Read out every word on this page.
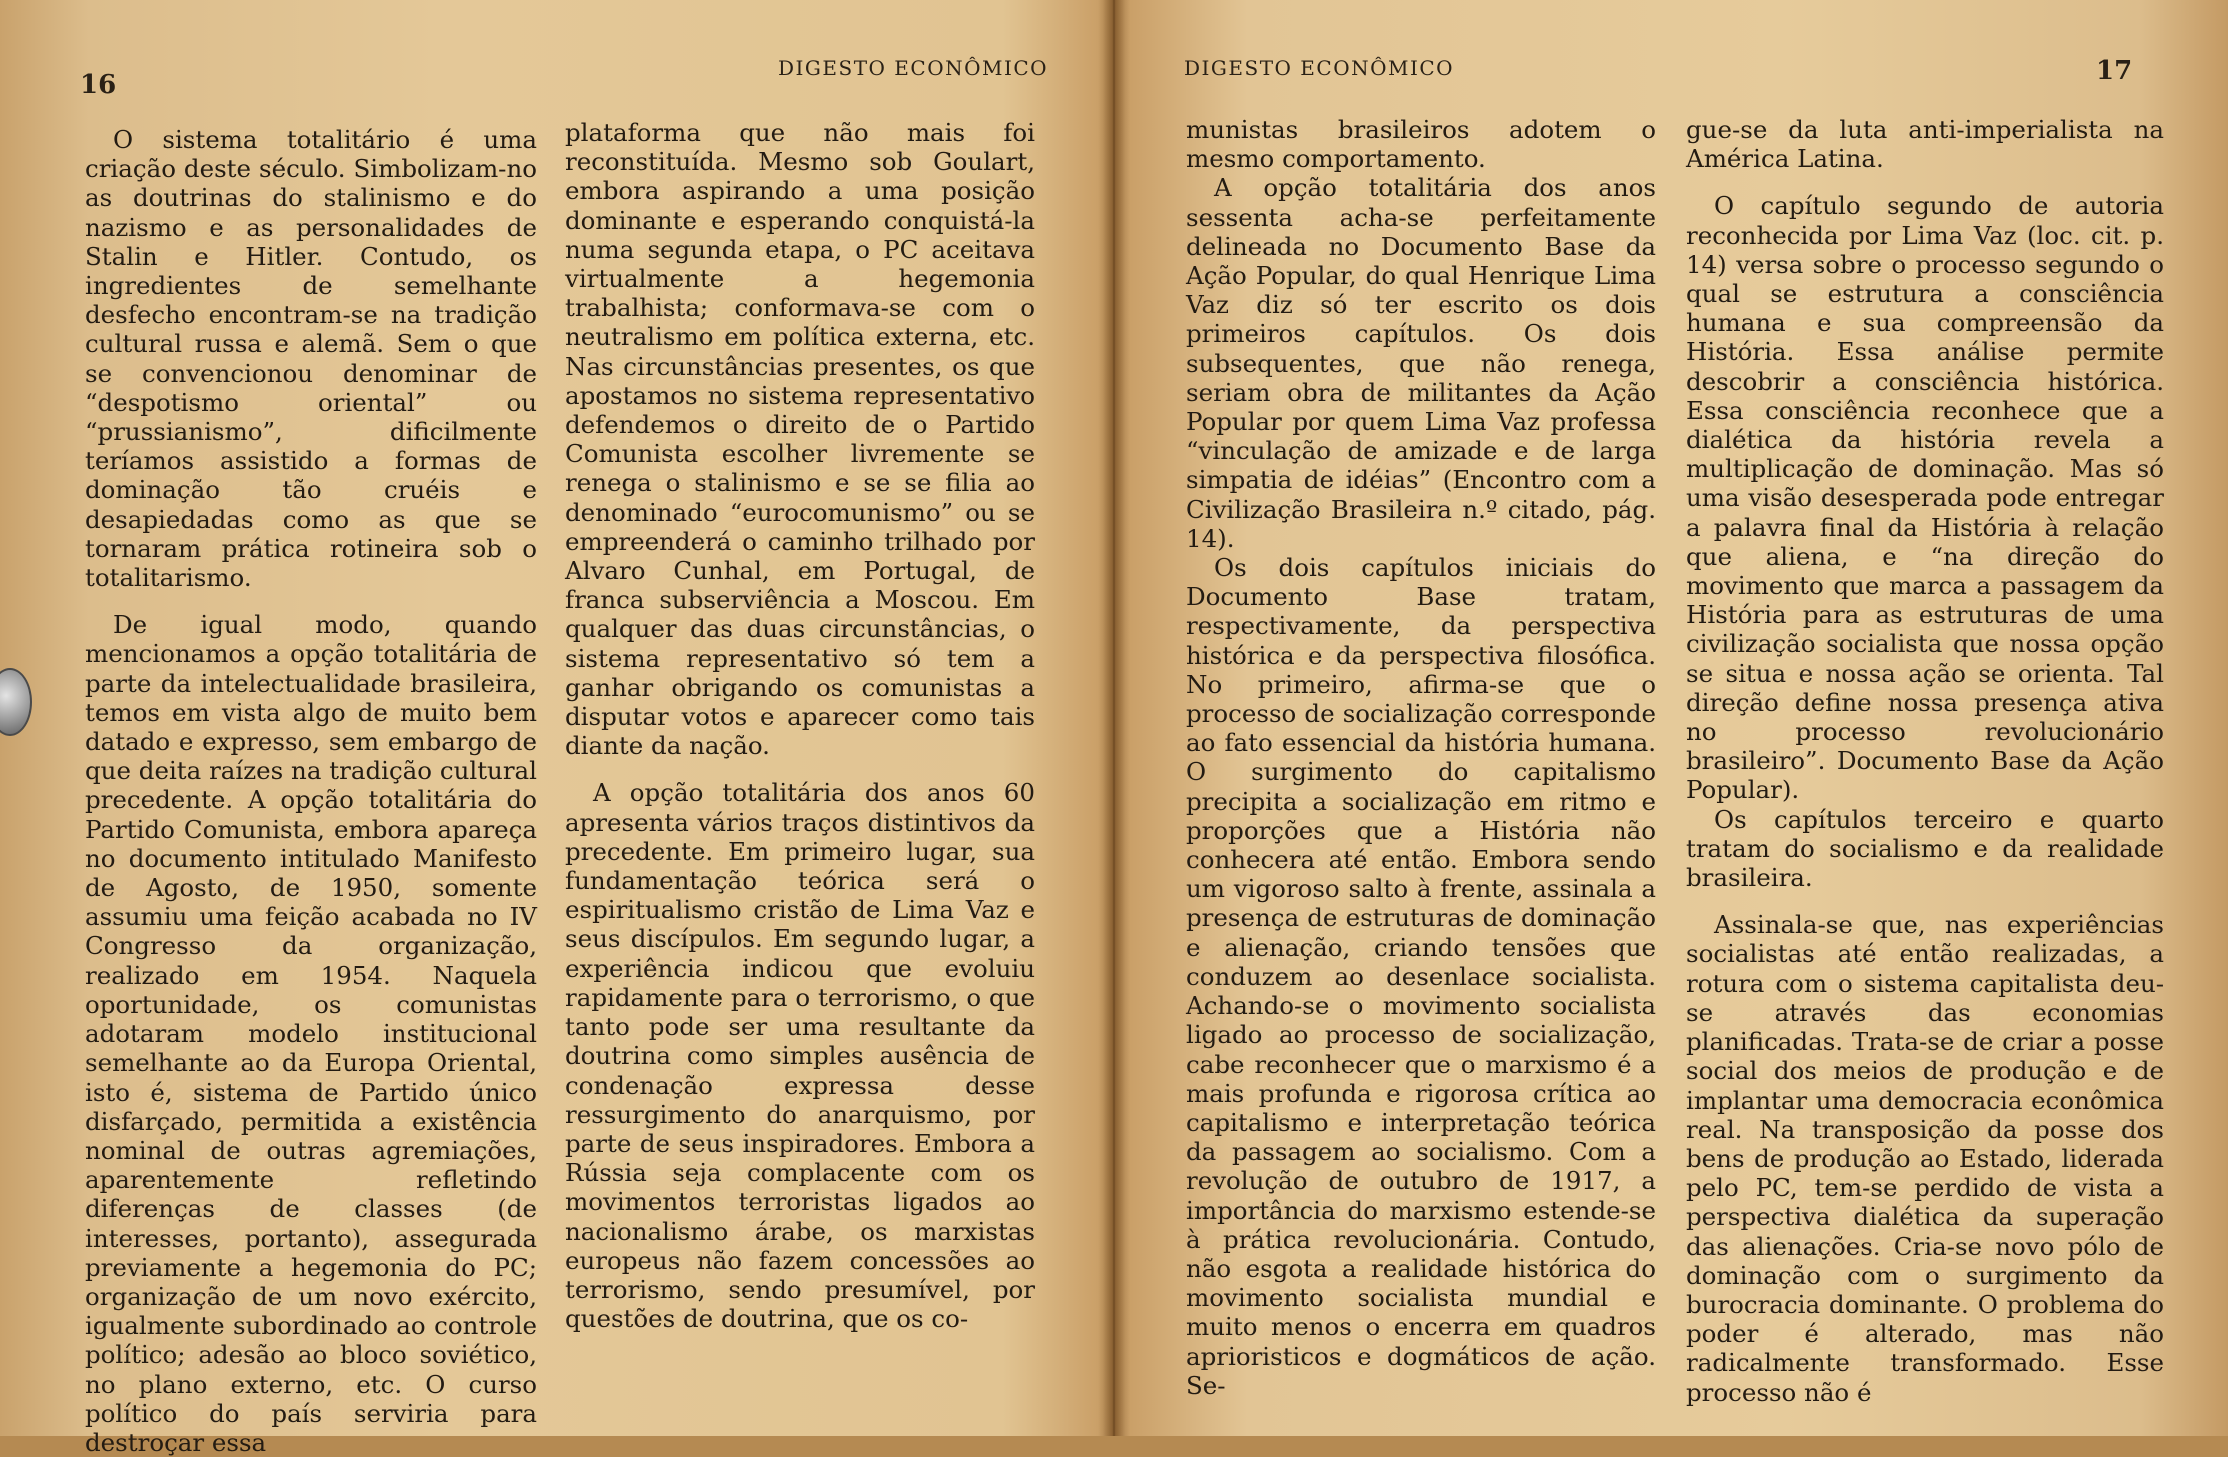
16
DIGESTO ECONÔMICO

O sistema totalitário é uma criação deste século. Simbolizam-no as doutrinas do stalinismo e do nazismo e as personalidades de Stalin e Hitler. Contudo, os ingredientes de semelhante desfecho encontram-se na tradição cultural russa e alemã. Sem o que se convencionou denominar de “despotismo oriental” ou “prussianismo”, dificilmente teríamos assistido a formas de dominação tão cruéis e desapiedadas como as que se tornaram prática rotineira sob o totalitarismo.

De igual modo, quando mencionamos a opção totalitária de parte da intelectualidade brasileira, temos em vista algo de muito bem datado e expresso, sem embargo de que deita raízes na tradição cultural precedente. A opção totalitária do Partido Comunista, embora apareça no documento intitulado Manifesto de Agosto, de 1950, somente assumiu uma feição acabada no IV Congresso da organização, realizado em 1954. Naquela oportunidade, os comunistas adotaram modelo institucional semelhante ao da Europa Oriental, isto é, sistema de Partido único disfarçado, permitida a existência nominal de outras agremiações, aparentemente refletindo diferenças de classes (de interesses, portanto), assegurada previamente a hegemonia do PC; organização de um novo exército, igualmente subordinado ao controle político; adesão ao bloco soviético, no plano externo, etc. O curso político do país serviria para destroçar essa

plataforma que não mais foi reconstituída. Mesmo sob Goulart, embora aspirando a uma posição dominante e esperando conquistá-la numa segunda etapa, o PC aceitava virtualmente a hegemonia trabalhista; conformava-se com o neutralismo em política externa, etc. Nas circunstâncias presentes, os que apostamos no sistema representativo defendemos o direito de o Partido Comunista escolher livremente se renega o stalinismo e se se filia ao denominado “eurocomunismo” ou se empreenderá o caminho trilhado por Alvaro Cunhal, em Portugal, de franca subserviência a Moscou. Em qualquer das duas circunstâncias, o sistema representativo só tem a ganhar obrigando os comunistas a disputar votos e aparecer como tais diante da nação.

A opção totalitária dos anos 60 apresenta vários traços distintivos da precedente. Em primeiro lugar, sua fundamentação teórica será o espiritualismo cristão de Lima Vaz e seus discípulos. Em segundo lugar, a experiência indicou que evoluiu rapidamente para o terrorismo, o que tanto pode ser uma resultante da doutrina como simples ausência de condenação expressa desse ressurgimento do anarquismo, por parte de seus inspiradores. Embora a Rússia seja complacente com os movimentos terroristas ligados ao nacionalismo árabe, os marxistas europeus não fazem concessões ao terrorismo, sendo presumível, por questões de doutrina, que os co-

DIGESTO ECONÔMICO	17

munistas brasileiros adotem o mesmo comportamento.

A opção totalitária dos anos sessenta acha-se perfeitamente delineada no Documento Base da Ação Popular, do qual Henrique Lima Vaz diz só ter escrito os dois primeiros capítulos. Os dois subsequentes, que não renega, seriam obra de militantes da Ação Popular por quem Lima Vaz professa “vinculação de amizade e de larga simpatia de idéias” (Encontro com a Civilização Brasileira n.º citado, pág. 14).

Os dois capítulos iniciais do Documento Base tratam, respectivamente, da perspectiva histórica e da perspectiva filosófica. No primeiro, afirma-se que o processo de socialização corresponde ao fato essencial da história humana. O surgimento do capitalismo precipita a socialização em ritmo e proporções que a História não conhecera até então. Embora sendo um vigoroso salto à frente, assinala a presença de estruturas de dominação e alienação, criando tensões que conduzem ao desenlace socialista. Achando-se o movimento socialista ligado ao processo de socialização, cabe reconhecer que o marxismo é a mais profunda e rigorosa crítica ao capitalismo e interpretação teórica da passagem ao socialismo. Com a revolução de outubro de 1917, a importância do marxismo estende-se à prática revolucionária. Contudo, não esgota a realidade histórica do movimento socialista mundial e muito menos o encerra em quadros aprioristicos e dogmáticos de ação. Se-

gue-se da luta anti-imperialista na América Latina.

O capítulo segundo de autoria reconhecida por Lima Vaz (loc. cit. p. 14) versa sobre o processo segundo o qual se estrutura a consciência humana e sua compreensão da História. Essa análise permite descobrir a consciência histórica. Essa consciência reconhece que a dialética da história revela a multiplicação de dominação. Mas só uma visão desesperada pode entregar a palavra final da História à relação que aliena, e “na direção do movimento que marca a passagem da História para as estruturas de uma civilização socialista que nossa opção se situa e nossa ação se orienta. Tal direção define nossa presença ativa no processo revolucionário brasileiro”. Documento Base da Ação Popular).

Os capítulos terceiro e quarto tratam do socialismo e da realidade brasileira.

Assinala-se que, nas experiências socialistas até então realizadas, a rotura com o sistema capitalista deu-se através das economias planificadas. Trata-se de criar a posse social dos meios de produção e de implantar uma democracia econômica real. Na transposição da posse dos bens de produção ao Estado, liderada pelo PC, tem-se perdido de vista a perspectiva dialética da superação das alienações. Cria-se novo pólo de dominação com o surgimento da burocracia dominante. O problema do poder é alterado, mas não radicalmente transformado. Esse processo não é
